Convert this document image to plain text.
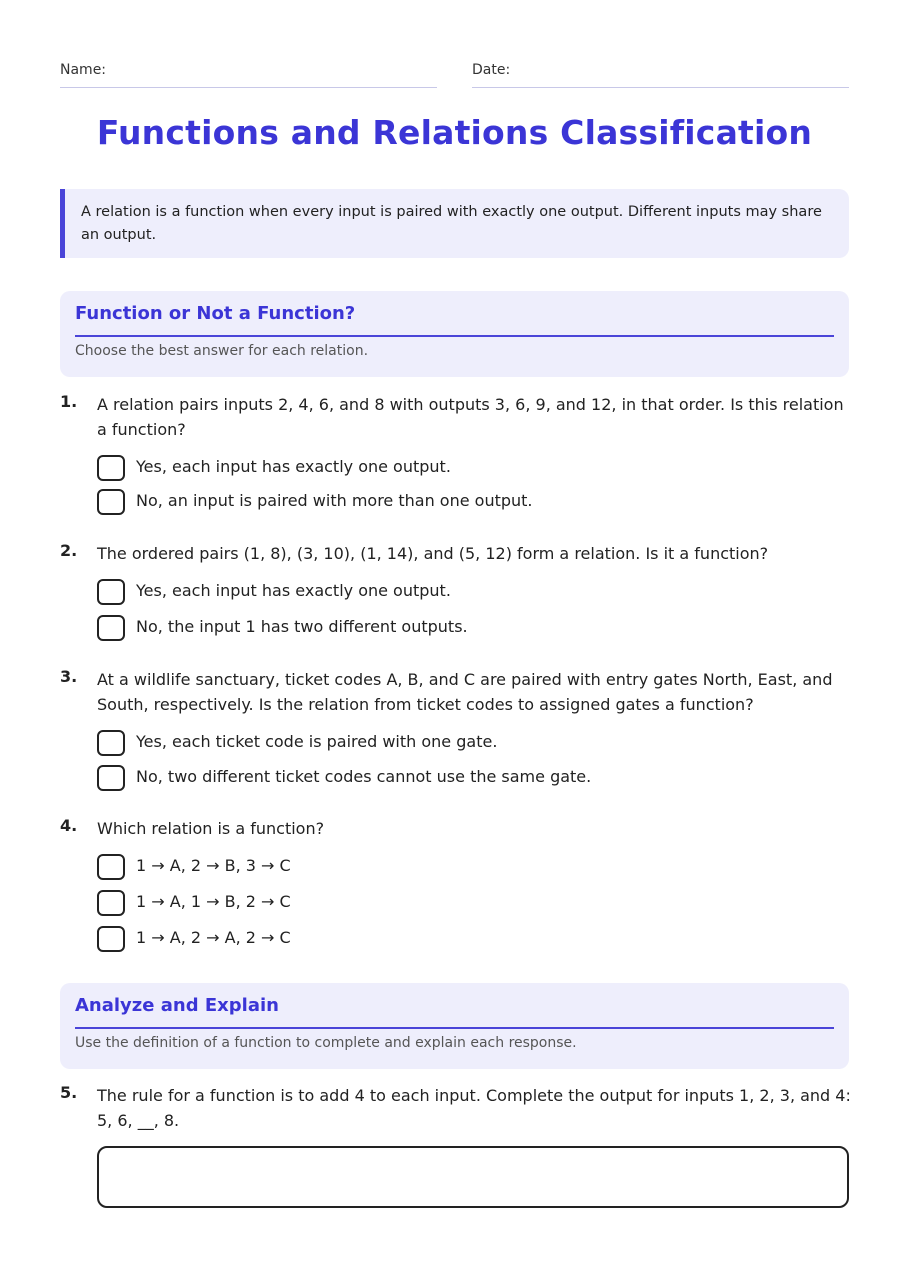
Name:	Date:
Functions and Relations Classification
A relation is a function when every input is paired with exactly one output. Different inputs may share an output.
Function or Not a Function?
Choose the best answer for each relation.
1. A relation pairs inputs 2, 4, 6, and 8 with outputs 3, 6, 9, and 12, in that order. Is this relation a function?
Yes, each input has exactly one output.
No, an input is paired with more than one output.
2. The ordered pairs (1, 8), (3, 10), (1, 14), and (5, 12) form a relation. Is it a function?
Yes, each input has exactly one output.
No, the input 1 has two different outputs.
3. At a wildlife sanctuary, ticket codes A, B, and C are paired with entry gates North, East, and South, respectively. Is the relation from ticket codes to assigned gates a function?
Yes, each ticket code is paired with one gate.
No, two different ticket codes cannot use the same gate.
4. Which relation is a function?
1 → A, 2 → B, 3 → C
1 → A, 1 → B, 2 → C
1 → A, 2 → A, 2 → C
Analyze and Explain
Use the definition of a function to complete and explain each response.
5. The rule for a function is to add 4 to each input. Complete the output for inputs 1, 2, 3, and 4: 5, 6, __, 8.
